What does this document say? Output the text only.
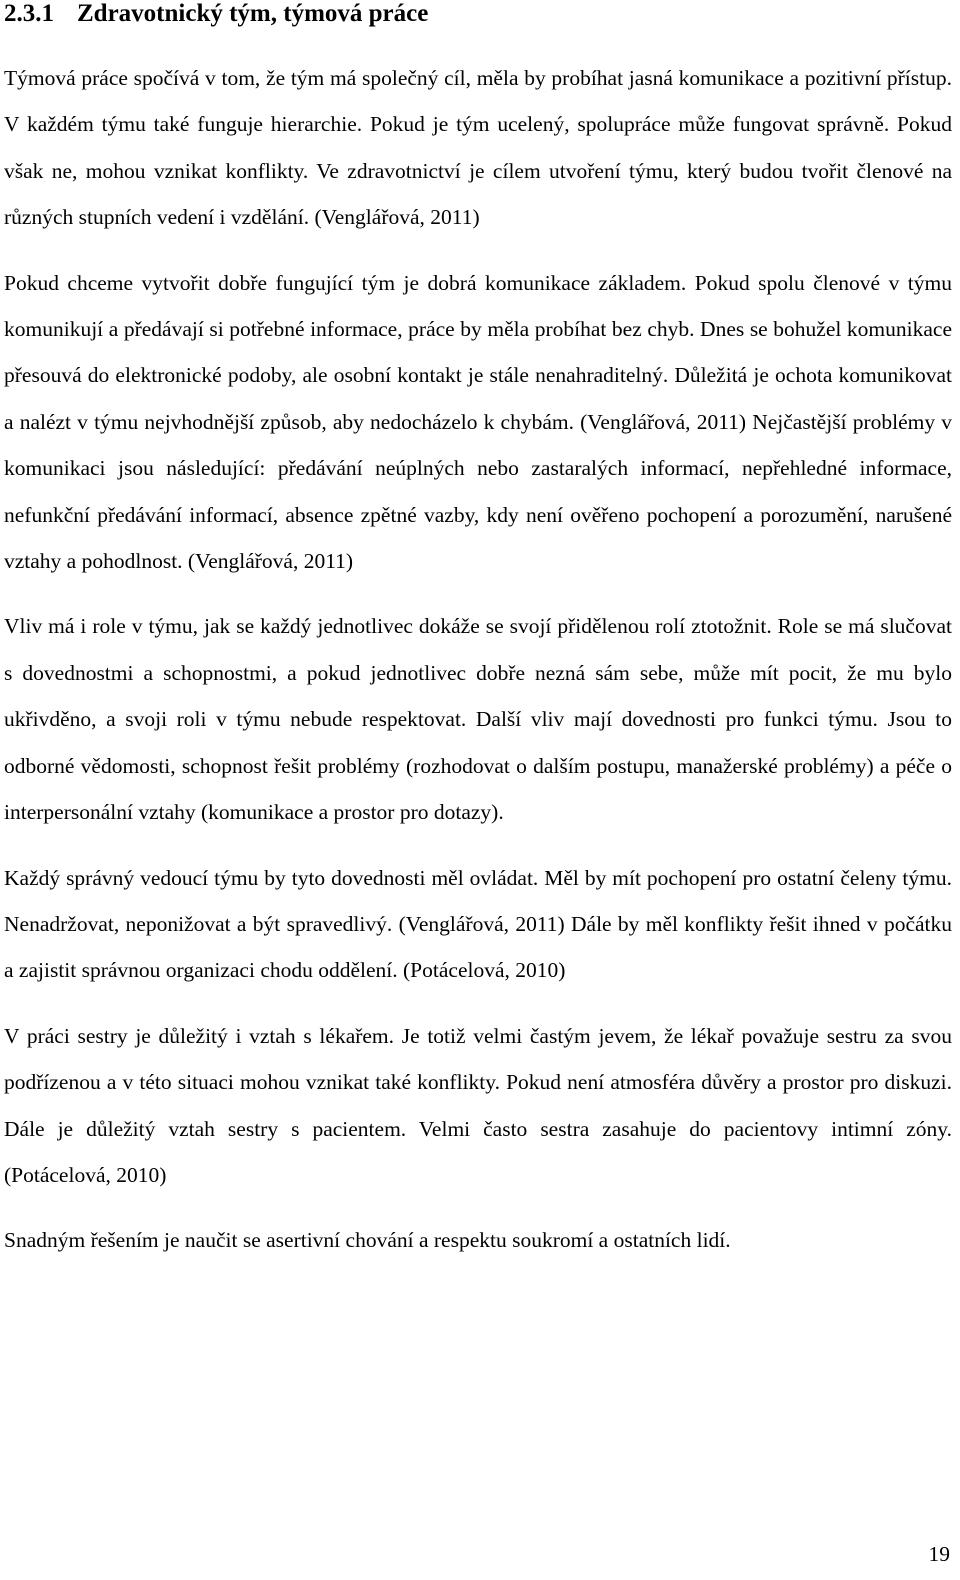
2.3.1 Zdravotnický tým, týmová práce

Týmová práce spočívá v tom, že tým má společný cíl, měla by probíhat jasná komunikace a pozitivní přístup. V každém týmu také funguje hierarchie. Pokud je tým ucelený, spolupráce může fungovat správně. Pokud však ne, mohou vznikat konflikty. Ve zdravotnictví je cílem utvoření týmu, který budou tvořit členové na různých stupních vedení i vzdělání. (Venglářová, 2011)

Pokud chceme vytvořit dobře fungující tým je dobrá komunikace základem. Pokud spolu členové v týmu komunikují a předávají si potřebné informace, práce by měla probíhat bez chyb. Dnes se bohužel komunikace přesouvá do elektronické podoby, ale osobní kontakt je stále nenahraditelný. Důležitá je ochota komunikovat a nalézt v týmu nejvhodnější způsob, aby nedocházelo k chybám. (Venglářová, 2011) Nejčastější problémy v komunikaci jsou následující: předávání neúplných nebo zastaralých informací, nepřehledné informace, nefunkční předávání informací, absence zpětné vazby, kdy není ověřeno pochopení a porozumění, narušené vztahy a pohodlnost. (Venglářová, 2011)

Vliv má i role v týmu, jak se každý jednotlivec dokáže se svojí přidělenou rolí ztotožnit. Role se má slučovat s dovednostmi a schopnostmi, a pokud jednotlivec dobře nezná sám sebe, může mít pocit, že mu bylo ukřivděno, a svoji roli v týmu nebude respektovat. Další vliv mají dovednosti pro funkci týmu. Jsou to odborné vědomosti, schopnost řešit problémy (rozhodovat o dalším postupu, manažerské problémy) a péče o interpersonální vztahy (komunikace a prostor pro dotazy).

Každý správný vedoucí týmu by tyto dovednosti měl ovládat. Měl by mít pochopení pro ostatní čeleny týmu. Nenadržovat, neponižovat a být spravedlivý. (Venglářová, 2011) Dále by měl konflikty řešit ihned v počátku a zajistit správnou organizaci chodu oddělení. (Potácelová, 2010)

V práci sestry je důležitý i vztah s lékařem. Je totiž velmi častým jevem, že lékař považuje sestru za svou podřízenou a v této situaci mohou vznikat také konflikty. Pokud není atmosféra důvěry a prostor pro diskuzi. Dále je důležitý vztah sestry s pacientem. Velmi často sestra zasahuje do pacientovy intimní zóny. (Potácelová, 2010)

Snadným řešením je naučit se asertivní chování a respektu soukromí a ostatních lidí.

19
